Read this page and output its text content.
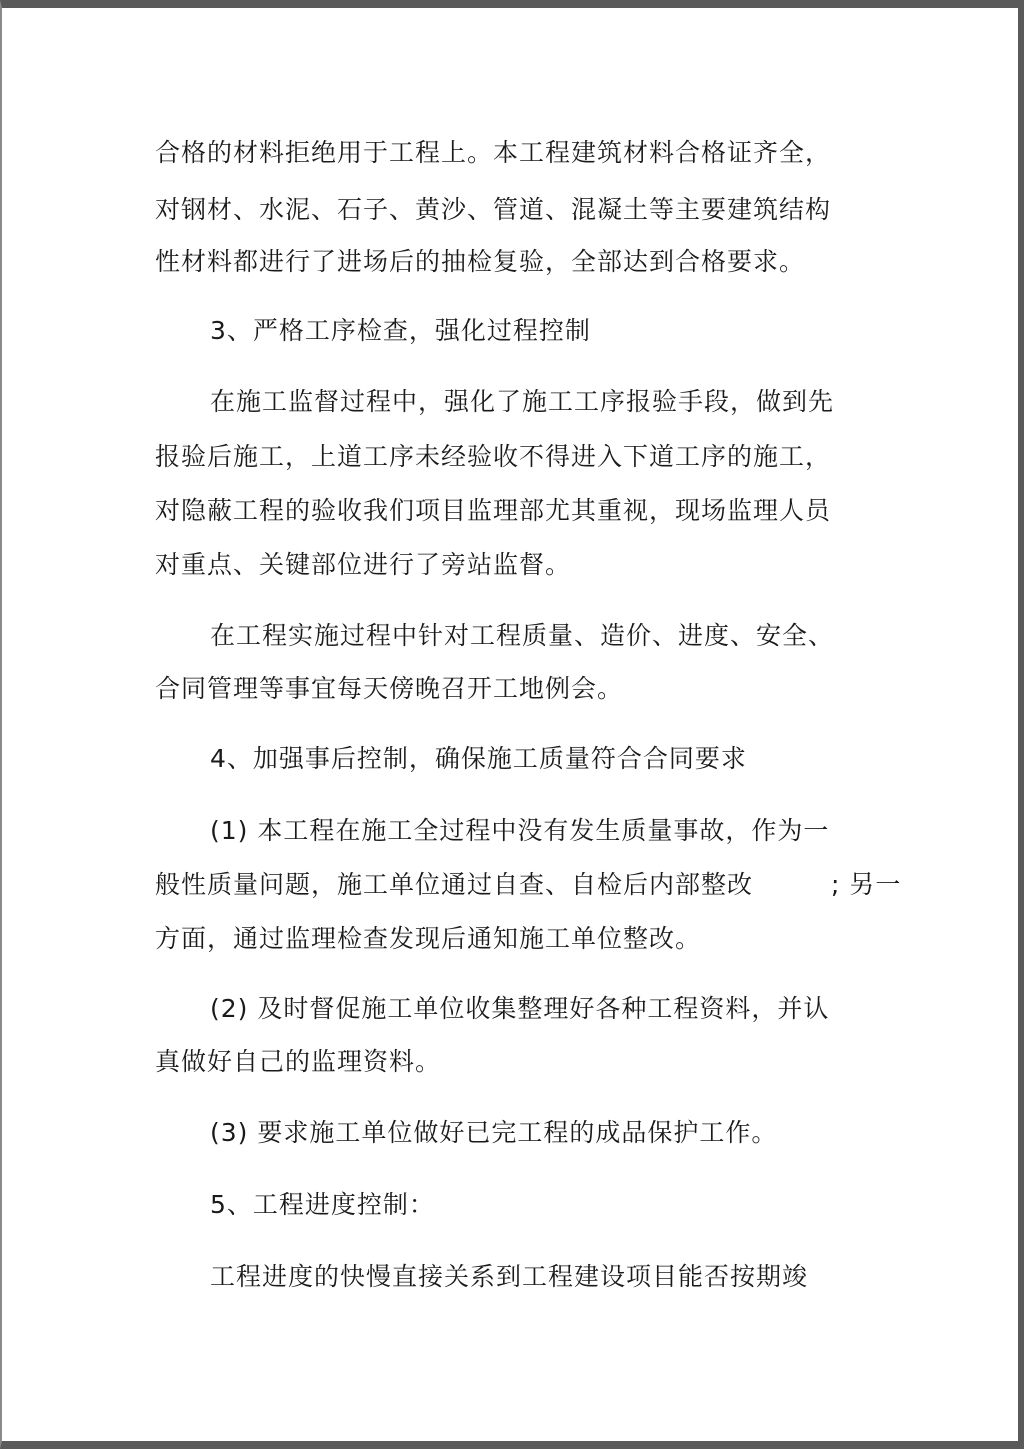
合格的材料拒绝用于工程上。本工程建筑材料合格证齐全，
对钢材、水泥、石子、黄沙、管道、混凝土等主要建筑结构
性材料都进行了进场后的抽检复验，全部达到合格要求。
3、严格工序检查，强化过程控制
在施工监督过程中，强化了施工工序报验手段，做到先
报验后施工，上道工序未经验收不得进入下道工序的施工，
对隐蔽工程的验收我们项目监理部尤其重视，现场监理人员
对重点、关键部位进行了旁站监督。
在工程实施过程中针对工程质量、造价、进度、安全、
合同管理等事宜每天傍晚召开工地例会。
4、加强事后控制，确保施工质量符合合同要求
(1) 本工程在施工全过程中没有发生质量事故，作为一
般性质量问题，施工单位通过自查、自检后内部整改	; 另一
方面，通过监理检查发现后通知施工单位整改。
(2) 及时督促施工单位收集整理好各种工程资料，并认
真做好自己的监理资料。
(3) 要求施工单位做好已完工程的成品保护工作。
5、工程进度控制：
工程进度的快慢直接关系到工程建设项目能否按期竣
